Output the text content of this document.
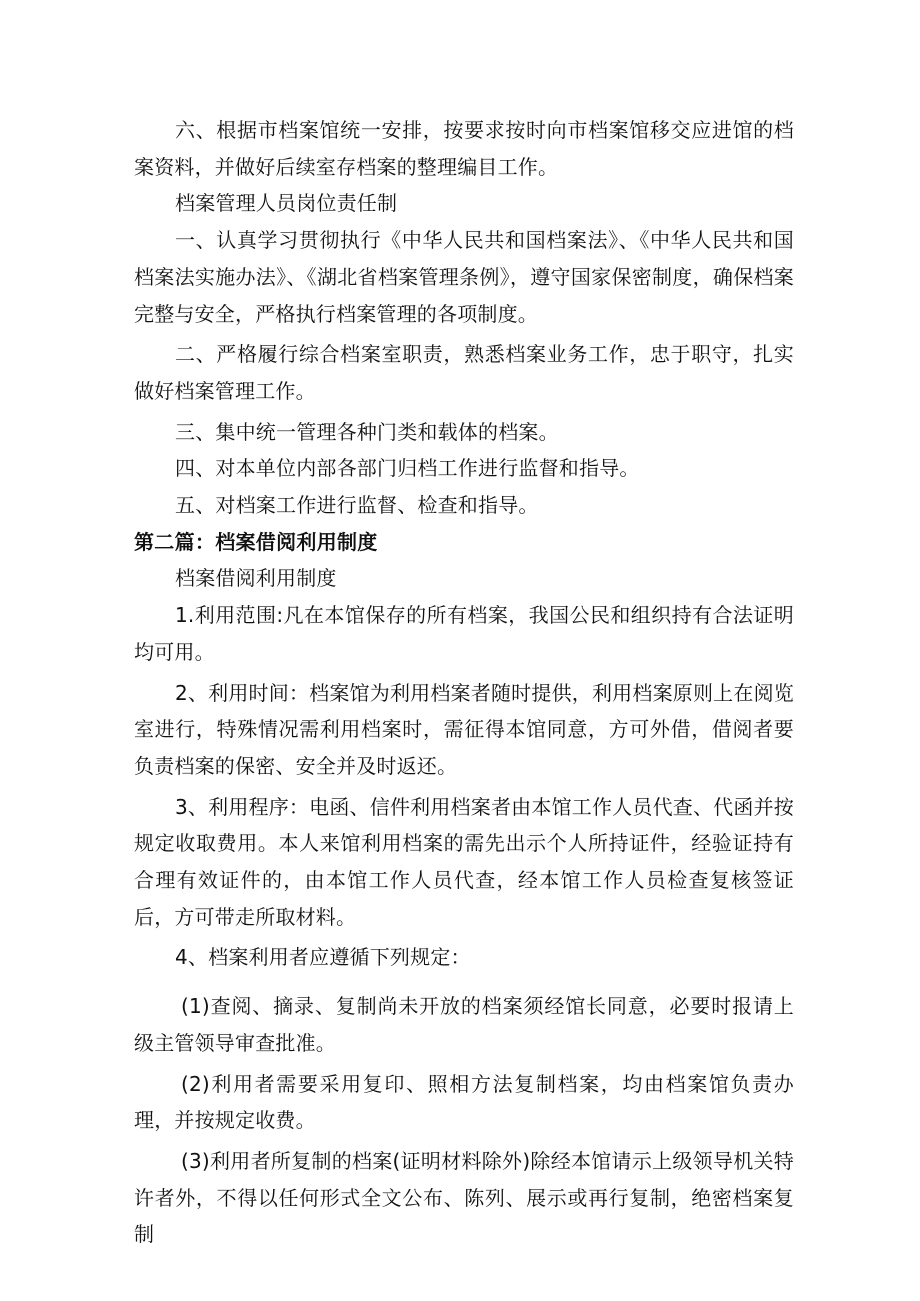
六、根据市档案馆统一安排，按要求按时向市档案馆移交应进馆的档案资料，并做好后续室存档案的整理编目工作。

档案管理人员岗位责任制

一、认真学习贯彻执行《中华人民共和国档案法》、《中华人民共和国档案法实施办法》、《湖北省档案管理条例》，遵守国家保密制度，确保档案完整与安全，严格执行档案管理的各项制度。

二、严格履行综合档案室职责，熟悉档案业务工作，忠于职守，扎实做好档案管理工作。

三、集中统一管理各种门类和载体的档案。

四、对本单位内部各部门归档工作进行监督和指导。

五、对档案工作进行监督、检查和指导。

第二篇：档案借阅利用制度

档案借阅利用制度

1.利用范围:凡在本馆保存的所有档案，我国公民和组织持有合法证明均可用。

2、利用时间：档案馆为利用档案者随时提供，利用档案原则上在阅览室进行，特殊情况需利用档案时，需征得本馆同意，方可外借，借阅者要负责档案的保密、安全并及时返还。

3、利用程序：电函、信件利用档案者由本馆工作人员代查、代函并按规定收取费用。本人来馆利用档案的需先出示个人所持证件，经验证持有合理有效证件的，由本馆工作人员代查，经本馆工作人员检查复核签证后，方可带走所取材料。

4、档案利用者应遵循下列规定：

(1)查阅、摘录、复制尚未开放的档案须经馆长同意，必要时报请上级主管领导审查批准。

(2)利用者需要采用复印、照相方法复制档案，均由档案馆负责办理，并按规定收费。

(3)利用者所复制的档案(证明材料除外)除经本馆请示上级领导机关特许者外，不得以任何形式全文公布、陈列、展示或再行复制，绝密档案复制
